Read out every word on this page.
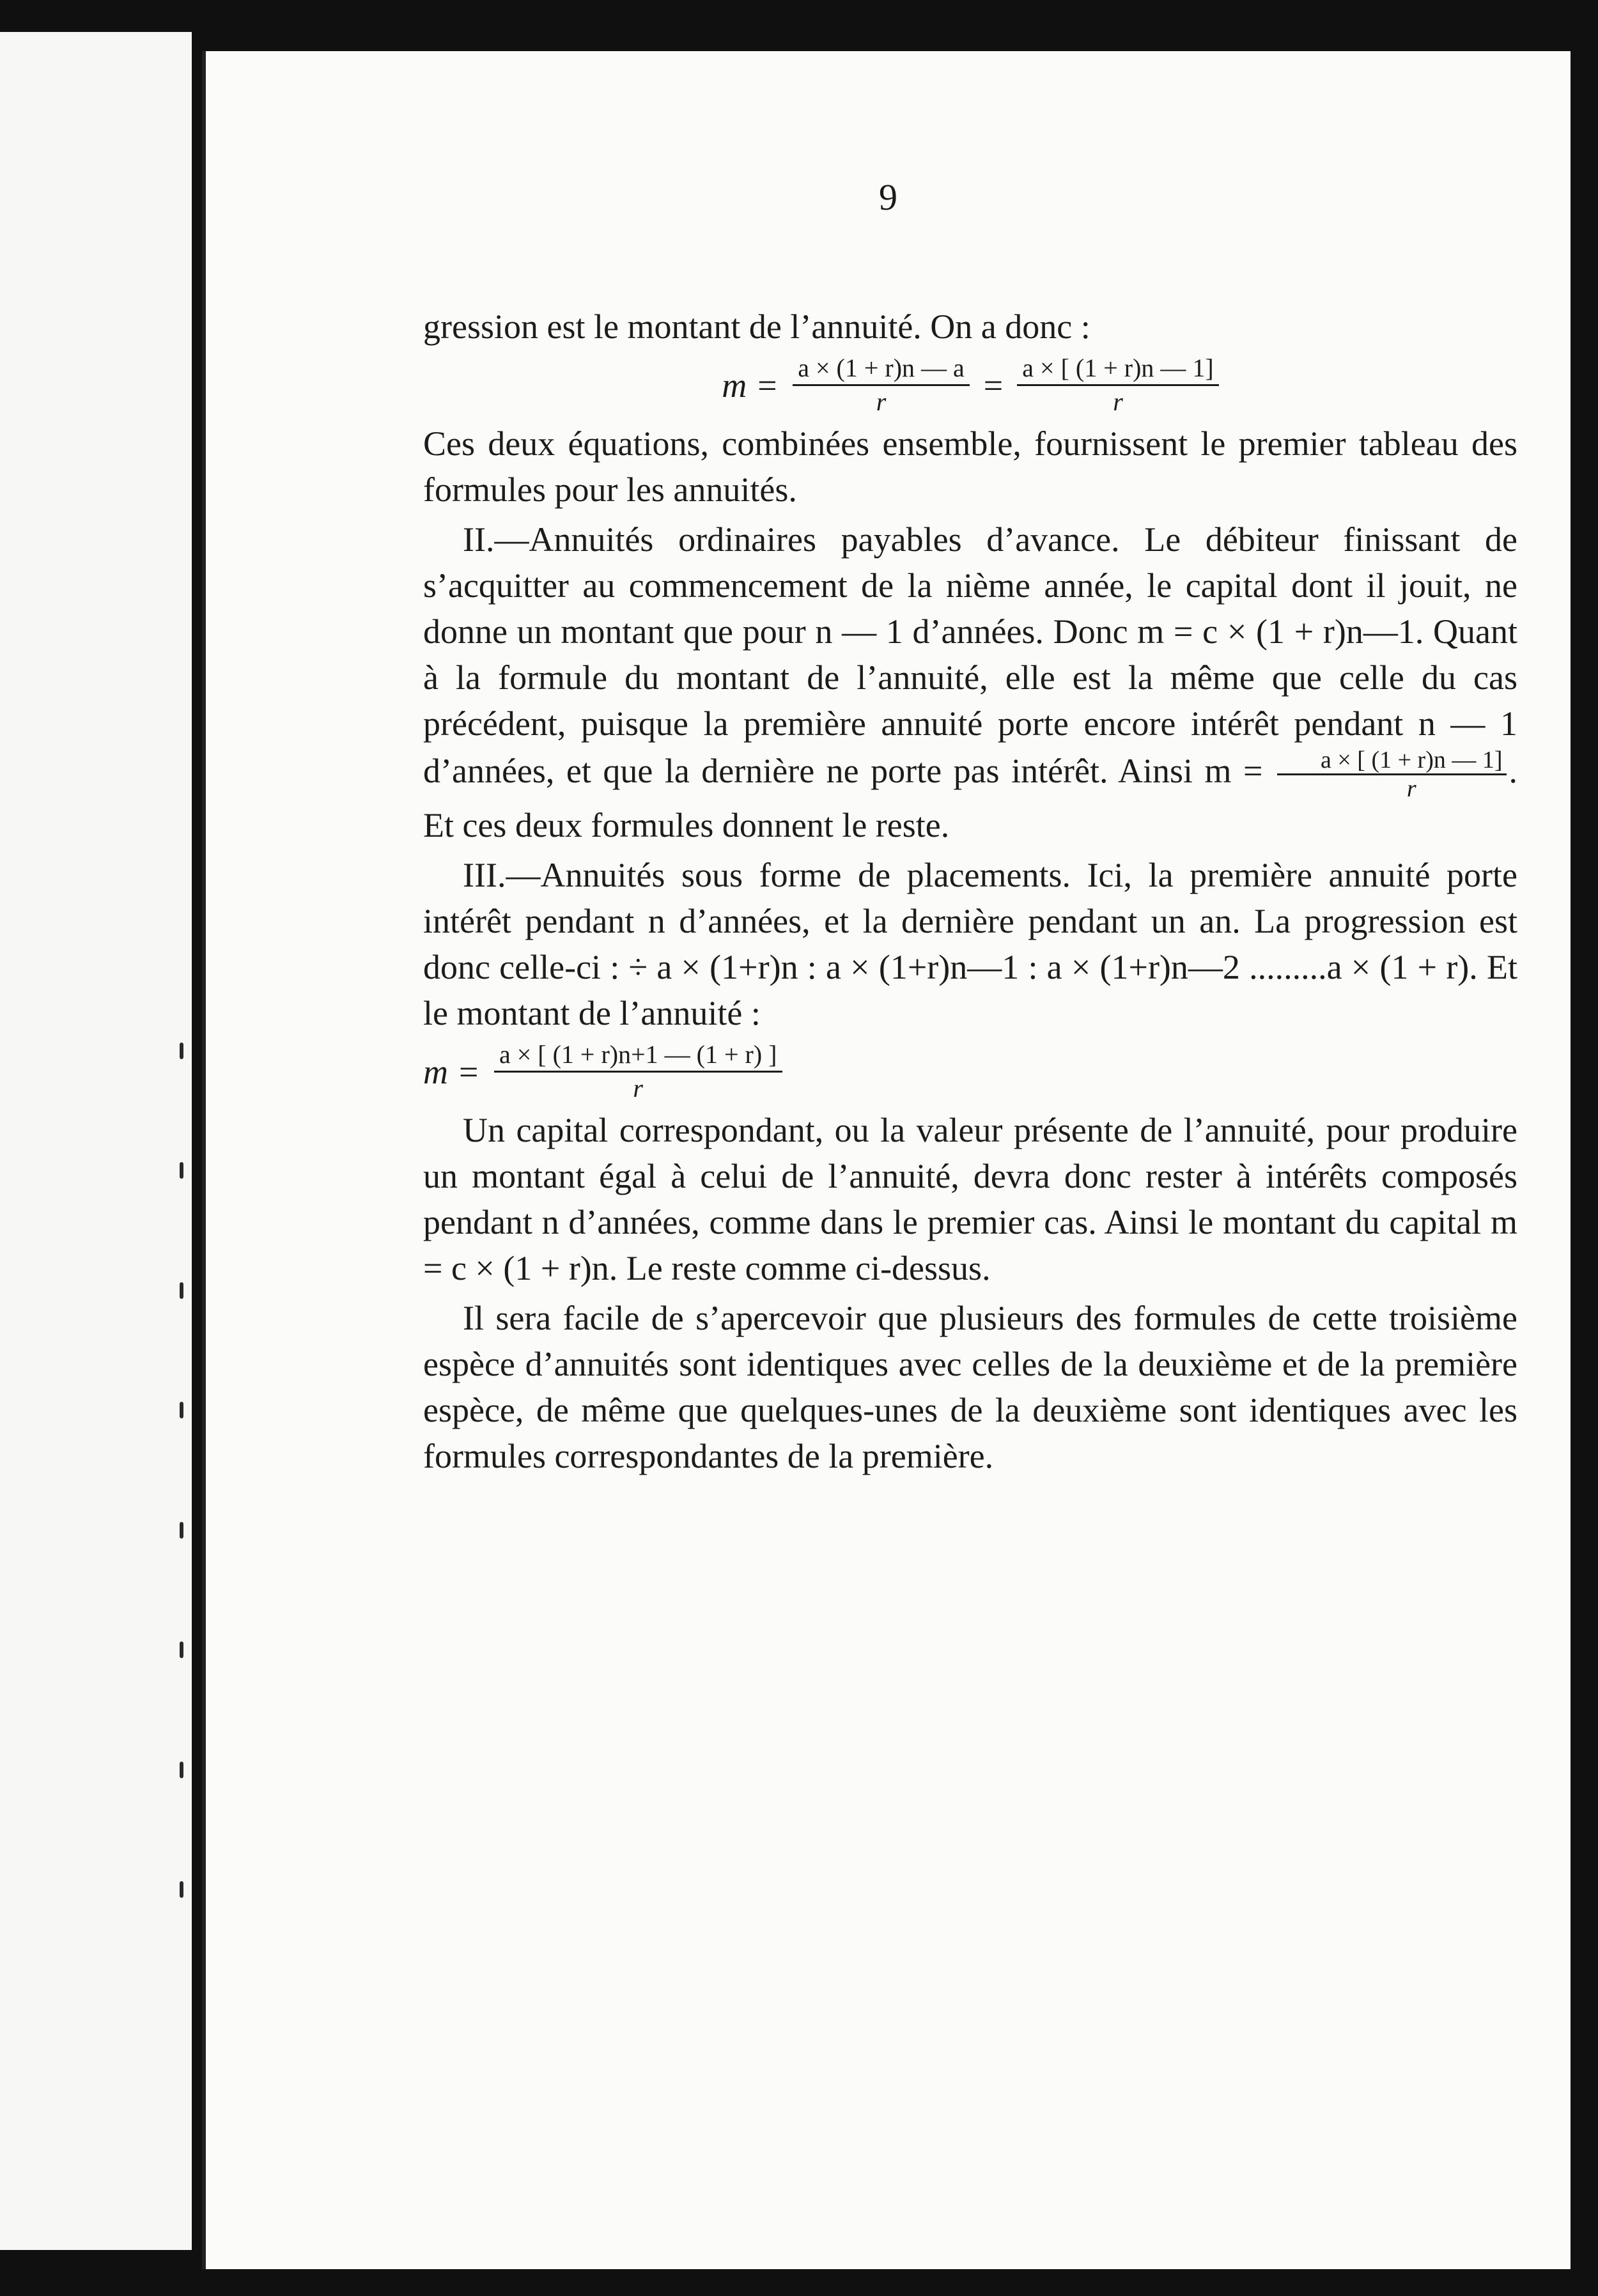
9

gression est le montant de l’annuité. On a donc :

$m = \frac{a \times (1 + r)n — a}{r} = \frac{a \times [ (1 + r)n — 1]}{r}$

Ces deux équations, combinées ensemble, fournissent le premier tableau des formules pour les annuités.

II.—Annuités ordinaires payables d’avance. Le débiteur finissant de s’acquitter au commencement de la nième année, le capital dont il jouit, ne donne un montant que pour n — 1 d’années. Donc m = c × (1 + r)n—1. Quant à la formule du montant de l’annuité, elle est la même que celle du cas précédent, puisque la première annuité porte encore intérêt pendant n — 1 d’années, et que la dernière ne porte pas intérêt. Ainsi $m = \frac{a \times [ (1 + r)n — 1]}{r}$ . Et ces deux formules donnent le reste.

III.—Annuités sous forme de placements. Ici, la première annuité porte intérêt pendant n d’années, et la dernière pendant un an. La progression est donc celle-ci : ÷ a × (1+r)n : a × (1+r)n—1 : a × (1+r)n—2 .........a × (1 + r). Et le montant de l’annuité :

$m = \frac{a \times [ (1 + r)n+1 — (1 + r) ]}{r}$

Un capital correspondant, ou la valeur présente de l’annuité, pour produire un montant égal à celui de l’annuité, devra donc rester à intérêts composés pendant n d’années, comme dans le premier cas. Ainsi le montant du capital m = c × (1 + r)n. Le reste comme ci-dessus.

Il sera facile de s’apercevoir que plusieurs des formules de cette troisième espèce d’annuités sont identiques avec celles de la deuxième et de la première espèce, de même que quelques-unes de la deuxième sont identiques avec les formules correspondantes de la première.
